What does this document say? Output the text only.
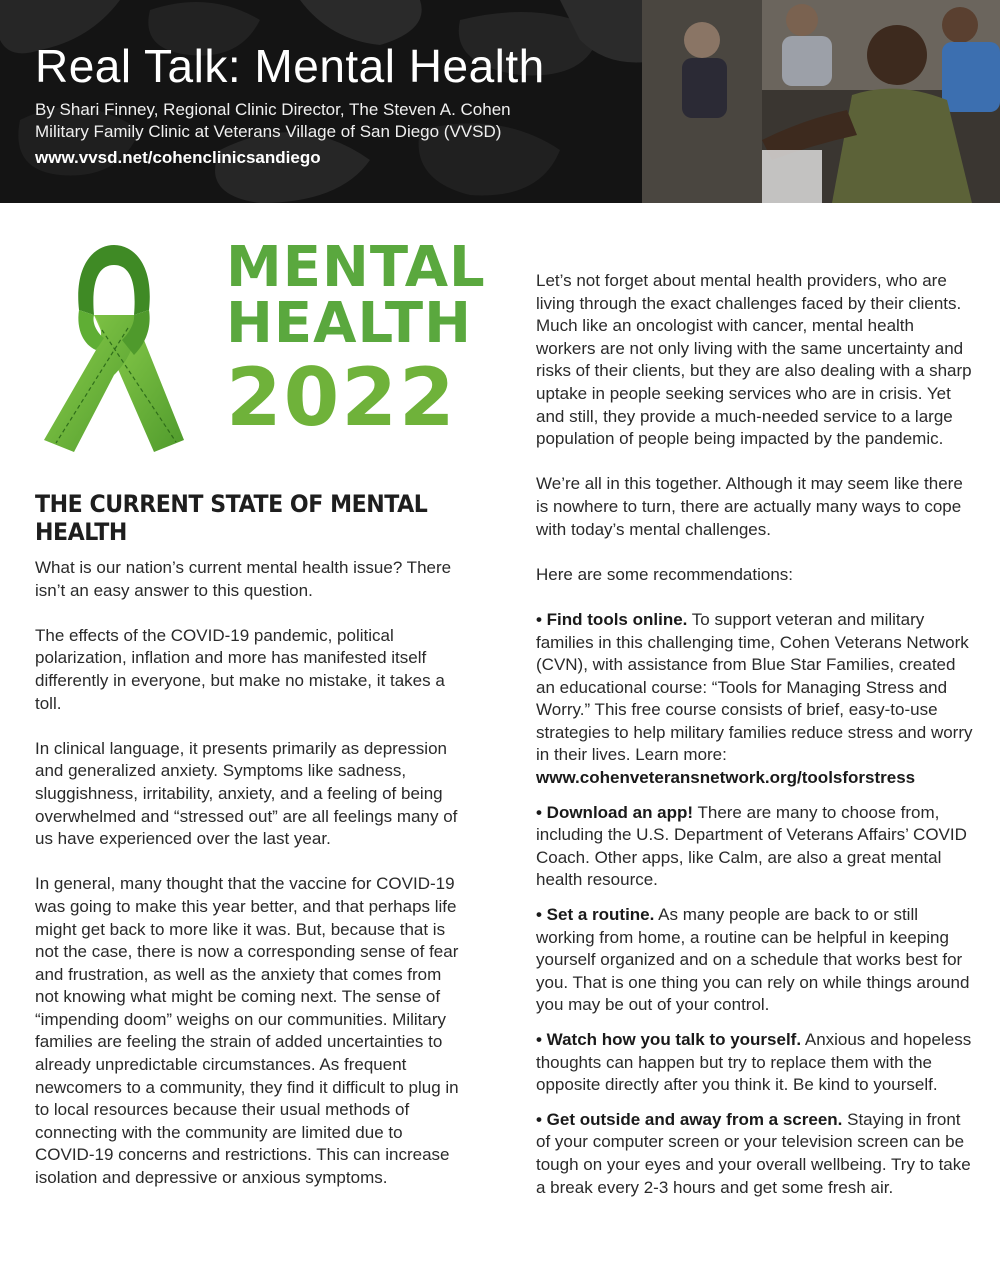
Real Talk: Mental Health

By Shari Finney, Regional Clinic Director, The Steven A. Cohen Military Family Clinic at Veterans Village of San Diego (VVSD)

www.vvsd.net/cohenclinicsandiego

MENTAL
HEALTH
2022
THE CURRENT STATE OF MENTAL HEALTH

What is our nation’s current mental health issue? There isn’t an easy answer to this question.

The effects of the COVID-19 pandemic, political polarization, inflation and more has manifested itself differently in everyone, but make no mistake, it takes a toll.

In clinical language, it presents primarily as depression and generalized anxiety. Symptoms like sadness, sluggishness, irritability, anxiety, and a feeling of being overwhelmed and “stressed out” are all feelings many of us have experienced over the last year.

In general, many thought that the vaccine for COVID-19 was going to make this year better, and that perhaps life might get back to more like it was. But, because that is not the case, there is now a corresponding sense of fear and frustration, as well as the anxiety that comes from not knowing what might be coming next. The sense of “impending doom” weighs on our communities. Military families are feeling the strain of added uncertainties to already unpredictable circumstances. As frequent newcomers to a community, they find it difficult to plug in to local resources because their usual methods of connecting with the community are limited due to COVID-19 concerns and restrictions. This can increase isolation and depressive or anxious symptoms.

Let’s not forget about mental health providers, who are living through the exact challenges faced by their clients. Much like an oncologist with cancer, mental health workers are not only living with the same uncertainty and risks of their clients, but they are also dealing with a sharp uptake in people seeking services who are in crisis. Yet and still, they provide a much-needed service to a large population of people being impacted by the pandemic.

We’re all in this together. Although it may seem like there is nowhere to turn, there are actually many ways to cope with today’s mental challenges.

Here are some recommendations:

• Find tools online. To support veteran and military families in this challenging time, Cohen Veterans Network (CVN), with assistance from Blue Star Families, created an educational course: “Tools for Managing Stress and Worry.” This free course consists of brief, easy-to-use strategies to help military families reduce stress and worry in their lives. Learn more:
www.cohenveteransnetwork.org/toolsforstress

• Download an app! There are many to choose from, including the U.S. Department of Veterans Affairs’ COVID Coach. Other apps, like Calm, are also a great mental health resource.

• Set a routine. As many people are back to or still working from home, a routine can be helpful in keeping yourself organized and on a schedule that works best for you. That is one thing you can rely on while things around you may be out of your control.

• Watch how you talk to yourself. Anxious and hopeless thoughts can happen but try to replace them with the opposite directly after you think it. Be kind to yourself.

• Get outside and away from a screen. Staying in front of your computer screen or your television screen can be tough on your eyes and your overall wellbeing. Try to take a break every 2-3 hours and get some fresh air.
